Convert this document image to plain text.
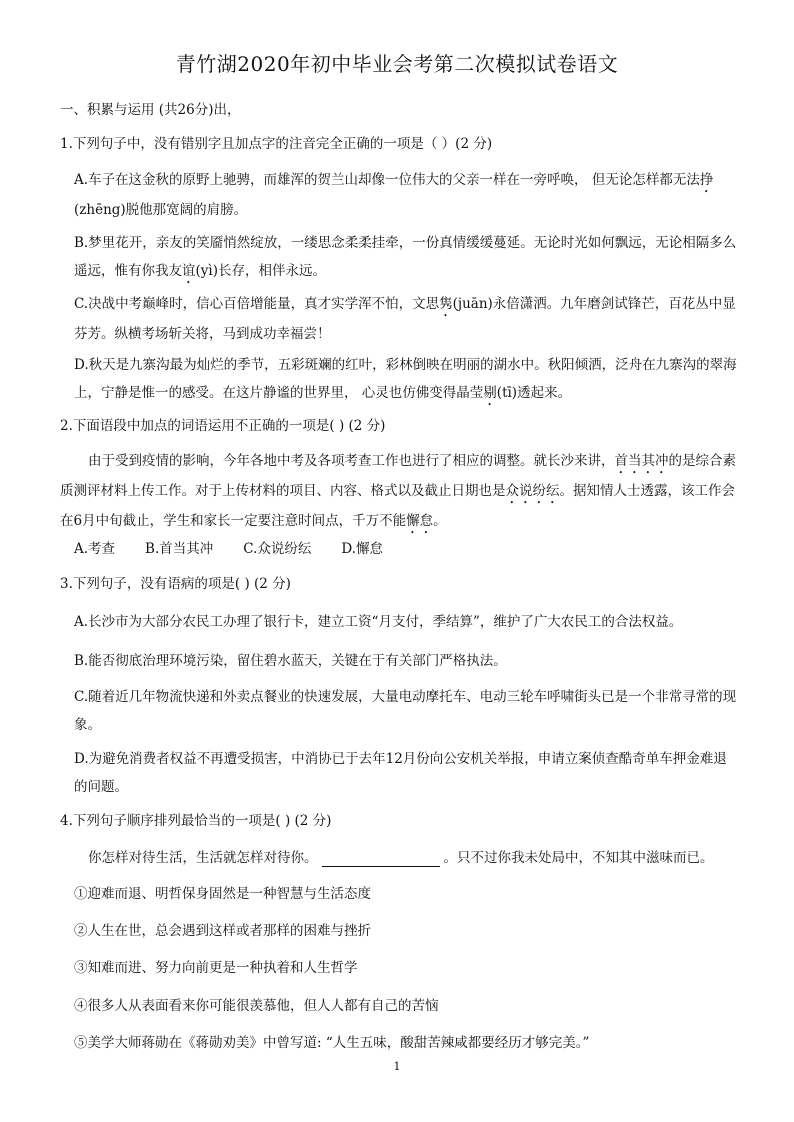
青竹湖2020年初中毕业会考第二次模拟试卷语文

一、积累与运用 (共26分)出，

1.下列句子中，没有错别字且加点字的注音完全正确的一项是（ ）(2 分)

A.车子在这金秋的原野上驰骋，而雄浑的贺兰山却像一位伟大的父亲一样在一旁呼唤， 但无论怎样都无法挣(zhēng)脱他那宽阔的肩膀。

B.梦里花开，亲友的笑靥悄然绽放，一缕思念柔柔挂牵，一份真情缓缓蔓延。无论时光如何飘远，无论相隔多么遥远，惟有你我友谊(yì)长存，相伴永远。

C.决战中考巅峰时，信心百倍增能量，真才实学浑不怕，文思隽(juān)永倍潇洒。九年磨剑试锋芒，百花丛中显芬芳。纵横考场斩关将，马到成功幸福尝！

D.秋天是九寨沟最为灿烂的季节，五彩斑斓的红叶，彩林倒映在明丽的湖水中。秋阳倾洒，泛舟在九寨沟的翠海上，宁静是惟一的感受。在这片静谧的世界里， 心灵也仿佛变得晶莹剔(tī)透起来。

2.下面语段中加点的词语运用不正确的一项是( ) (2 分)

由于受到疫情的影响，今年各地中考及各项考查工作也进行了相应的调整。就长沙来讲，首当其冲的是综合素质测评材料上传工作。对于上传材料的项目、内容、格式以及截止日期也是众说纷纭。据知情人士透露，该工作会在6月中旬截止，学生和家长一定要注意时间点，千万不能懈怠。

A.考查 B.首当其冲 C.众说纷纭 D.懈怠

3.下列句子，没有语病的项是( ) (2 分)

A.长沙市为大部分农民工办理了银行卡，建立工资“月支付，季结算”，维护了广大农民工的合法权益。

B.能否彻底治理环境污染，留住碧水蓝天，关键在于有关部门严格执法。

C.随着近几年物流快递和外卖点餐业的快速发展，大量电动摩托车、电动三轮车呼啸街头已是一个非常寻常的现象。

D.为避免消费者权益不再遭受损害，中消协已于去年12月份向公安机关举报，申请立案侦查酷奇单车押金难退的问题。

4.下列句子顺序排列最恰当的一项是( ) (2 分)

你怎样对待生活，生活就怎样对待你。	。只不过你我未处局中，不知其中滋味而已。

①迎难而退、明哲保身固然是一种智慧与生活态度

②人生在世，总会遇到这样或者那样的困难与挫折

③知难而进、努力向前更是一种执着和人生哲学

④很多人从表面看来你可能很羡慕他，但人人都有自己的苦恼

⑤美学大师蒋勋在《蒋勋劝美》中曾写道: “人生五味，酸甜苦辣咸都要经历才够完美。”

1
